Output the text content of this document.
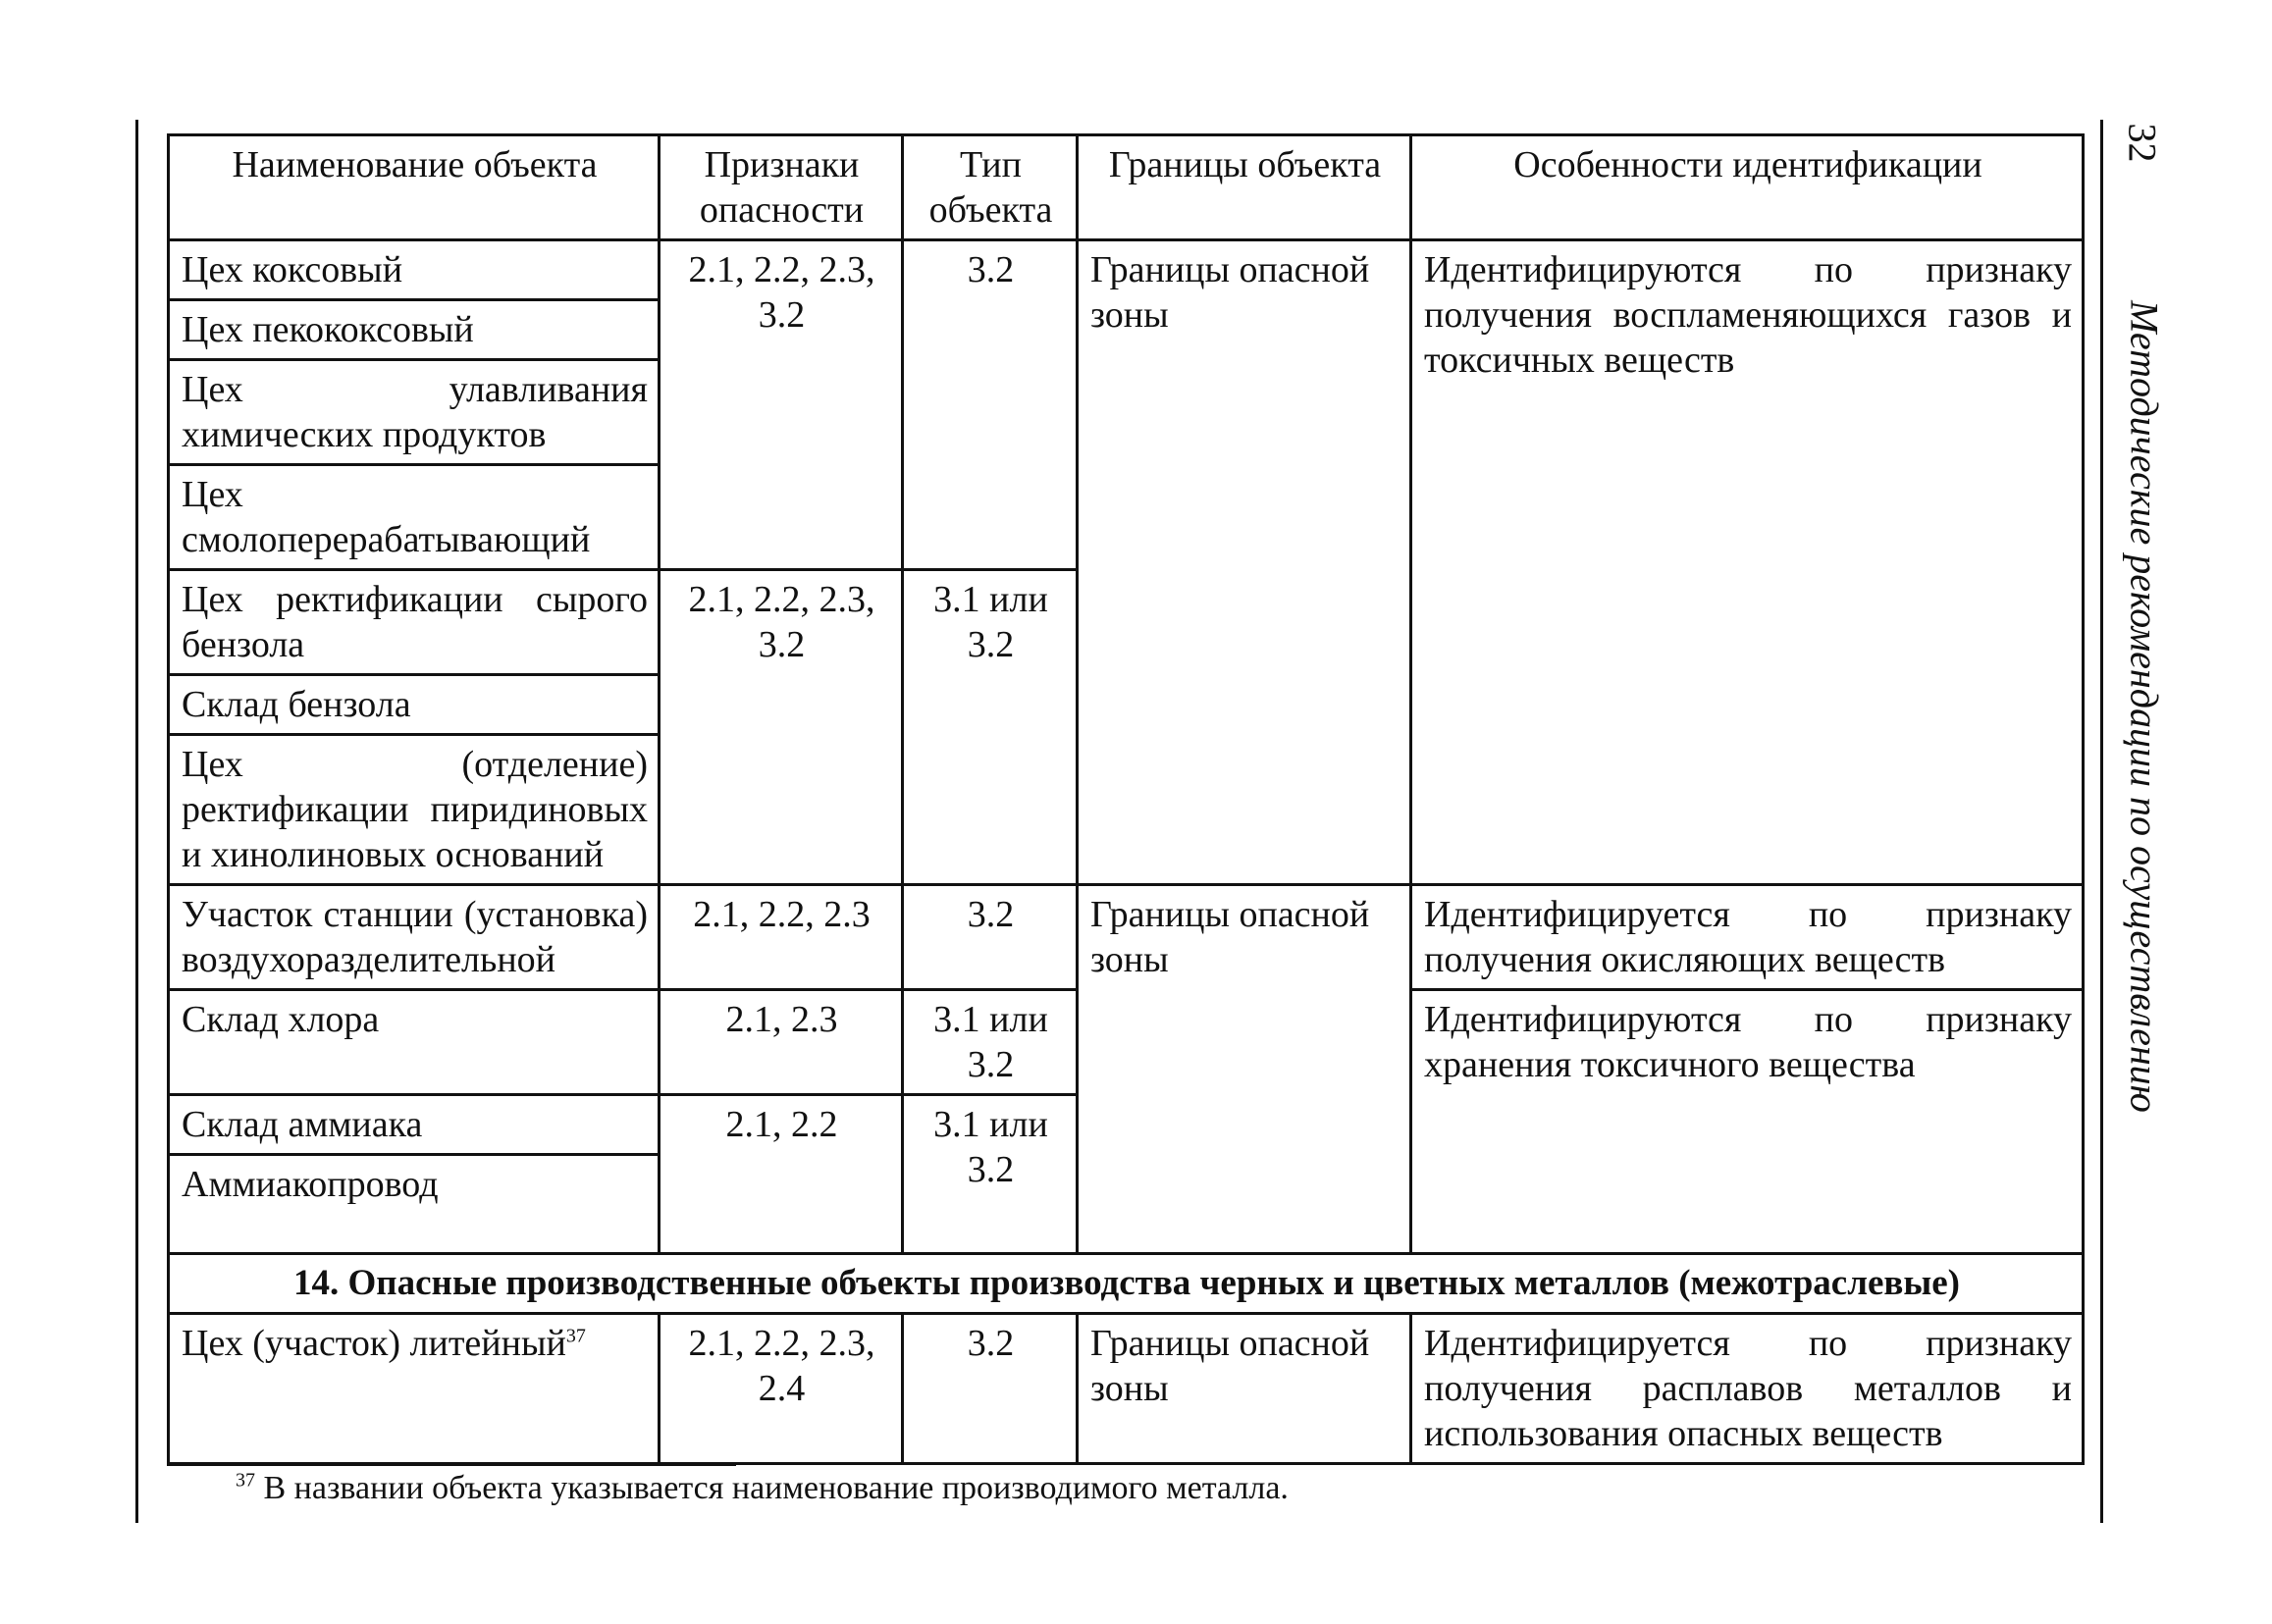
Наименование объекта	Признаки опасности	Тип объекта	Границы объекта	Особенности идентификации
Цех коксовый	2.1, 2.2, 2.3, 3.2	3.2	Границы опасной зоны	Идентифицируются по признаку получения воспламеняющихся газов и токсичных веществ
Цех пекококсовый				
Цех улавливания химических продуктов				
Цех смолоперерабатывающий				
Цех ректификации сырого бензола	2.1, 2.2, 2.3, 3.2	3.1 или 3.2		
Склад бензола				
Цех (отделение) ректификации пиридиновых и хинолиновых оснований				
Участок станции (установка) воздухоразделительной	2.1, 2.2, 2.3	3.2	Границы опасной зоны	Идентифицируется по признаку получения окисляющих веществ
Склад хлора	2.1, 2.3	3.1 или 3.2		Идентифицируются по признаку хранения токсичного вещества
Склад аммиака	2.1, 2.2	3.1 или 3.2		
Аммиакопровод				
14. Опасные производственные объекты производства черных и цветных металлов (межотраслевые)				
Цех (участок) литейный$^{37}$	2.1, 2.2, 2.3, 2.4	3.2	Границы опасной зоны	Идентифицируется по признаку получения расплавов металлов и использования опасных веществ
$^{37}$ В названии объекта указывается наименование производимого металла.
32
Методические рекомендации по осуществлению
